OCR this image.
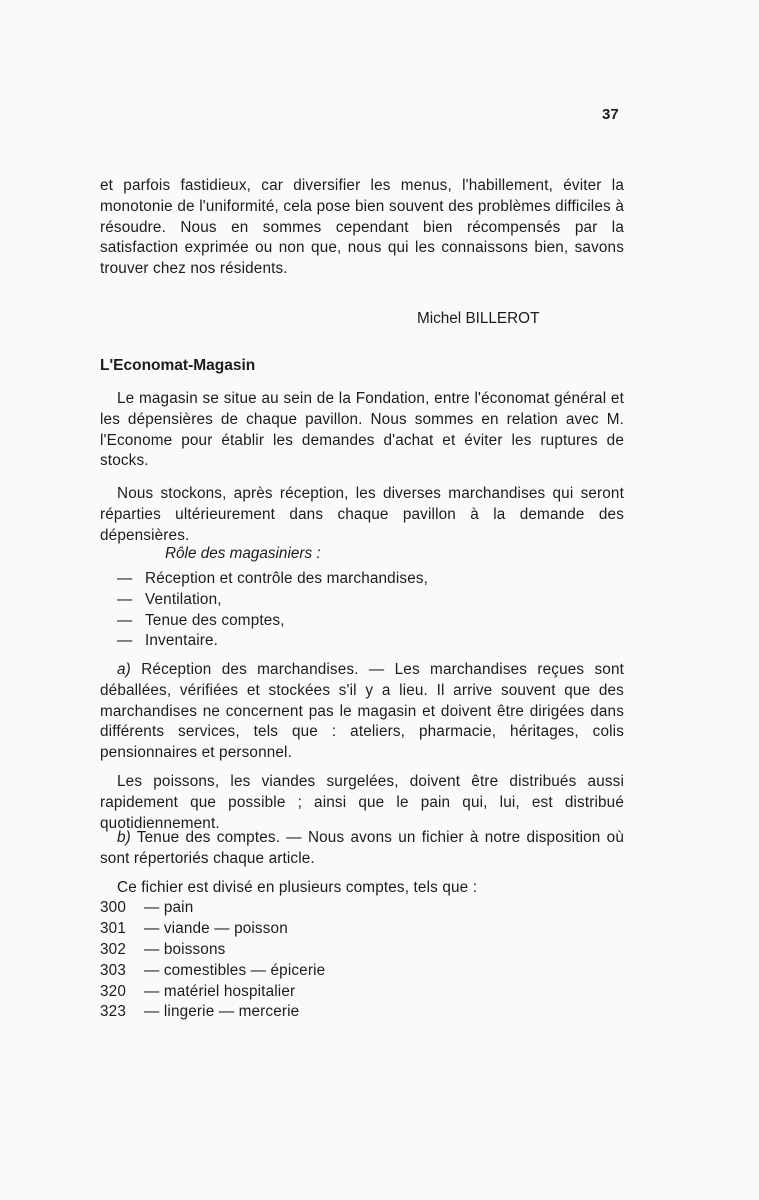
37

et parfois fastidieux, car diversifier les menus, l'habillement, éviter la monotonie de l'uniformité, cela pose bien souvent des problèmes difficiles à résoudre. Nous en sommes cependant bien récompensés par la satisfaction exprimée ou non que, nous qui les connaissons bien, savons trouver chez nos résidents.

Michel BILLEROT
L'Economat-Magasin

Le magasin se situe au sein de la Fondation, entre l'économat général et les dépensières de chaque pavillon. Nous sommes en relation avec M. l'Econome pour établir les demandes d'achat et éviter les ruptures de stocks.

Nous stockons, après réception, les diverses marchandises qui seront réparties ultérieurement dans chaque pavillon à la demande des dépensières.

Rôle des magasiniers :
— Réception et contrôle des marchandises,
— Ventilation,
— Tenue des comptes,
— Inventaire.

a) Réception des marchandises. — Les marchandises reçues sont déballées, vérifiées et stockées s'il y a lieu. Il arrive souvent que des marchandises ne concernent pas le magasin et doivent être dirigées dans différents services, tels que : ateliers, pharmacie, héritages, colis pensionnaires et personnel.

Les poissons, les viandes surgelées, doivent être distribués aussi rapidement que possible ; ainsi que le pain qui, lui, est distribué quotidiennement.

b) Tenue des comptes. — Nous avons un fichier à notre disposition où sont répertoriés chaque article.

Ce fichier est divisé en plusieurs comptes, tels que :

300	— pain
301	— viande — poisson
302	— boissons
303	— comestibles — épicerie
320	— matériel hospitalier
323	— lingerie — mercerie
